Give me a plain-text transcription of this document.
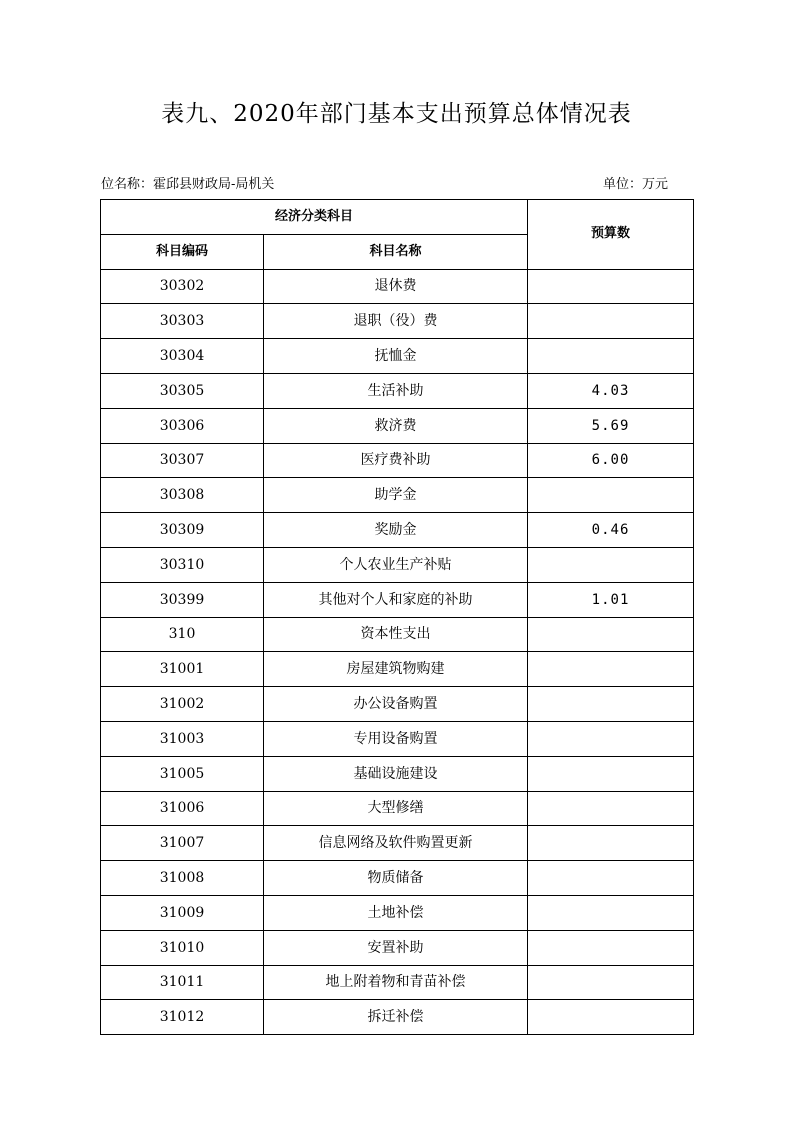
表九、2020年部门基本支出预算总体情况表
位名称：霍邱县财政局-局机关	单位：万元
经济分类科目		预算数
科目编码	科目名称	
30302	退休费	
30303	退职（役）费	
30304	抚恤金	
30305	生活补助	4.03
30306	救济费	5.69
30307	医疗费补助	6.00
30308	助学金	
30309	奖励金	0.46
30310	个人农业生产补贴	
30399	其他对个人和家庭的补助	1.01
310	资本性支出	
31001	房屋建筑物购建	
31002	办公设备购置	
31003	专用设备购置	
31005	基础设施建设	
31006	大型修缮	
31007	信息网络及软件购置更新	
31008	物质储备	
31009	土地补偿	
31010	安置补助	
31011	地上附着物和青苗补偿	
31012	拆迁补偿	
